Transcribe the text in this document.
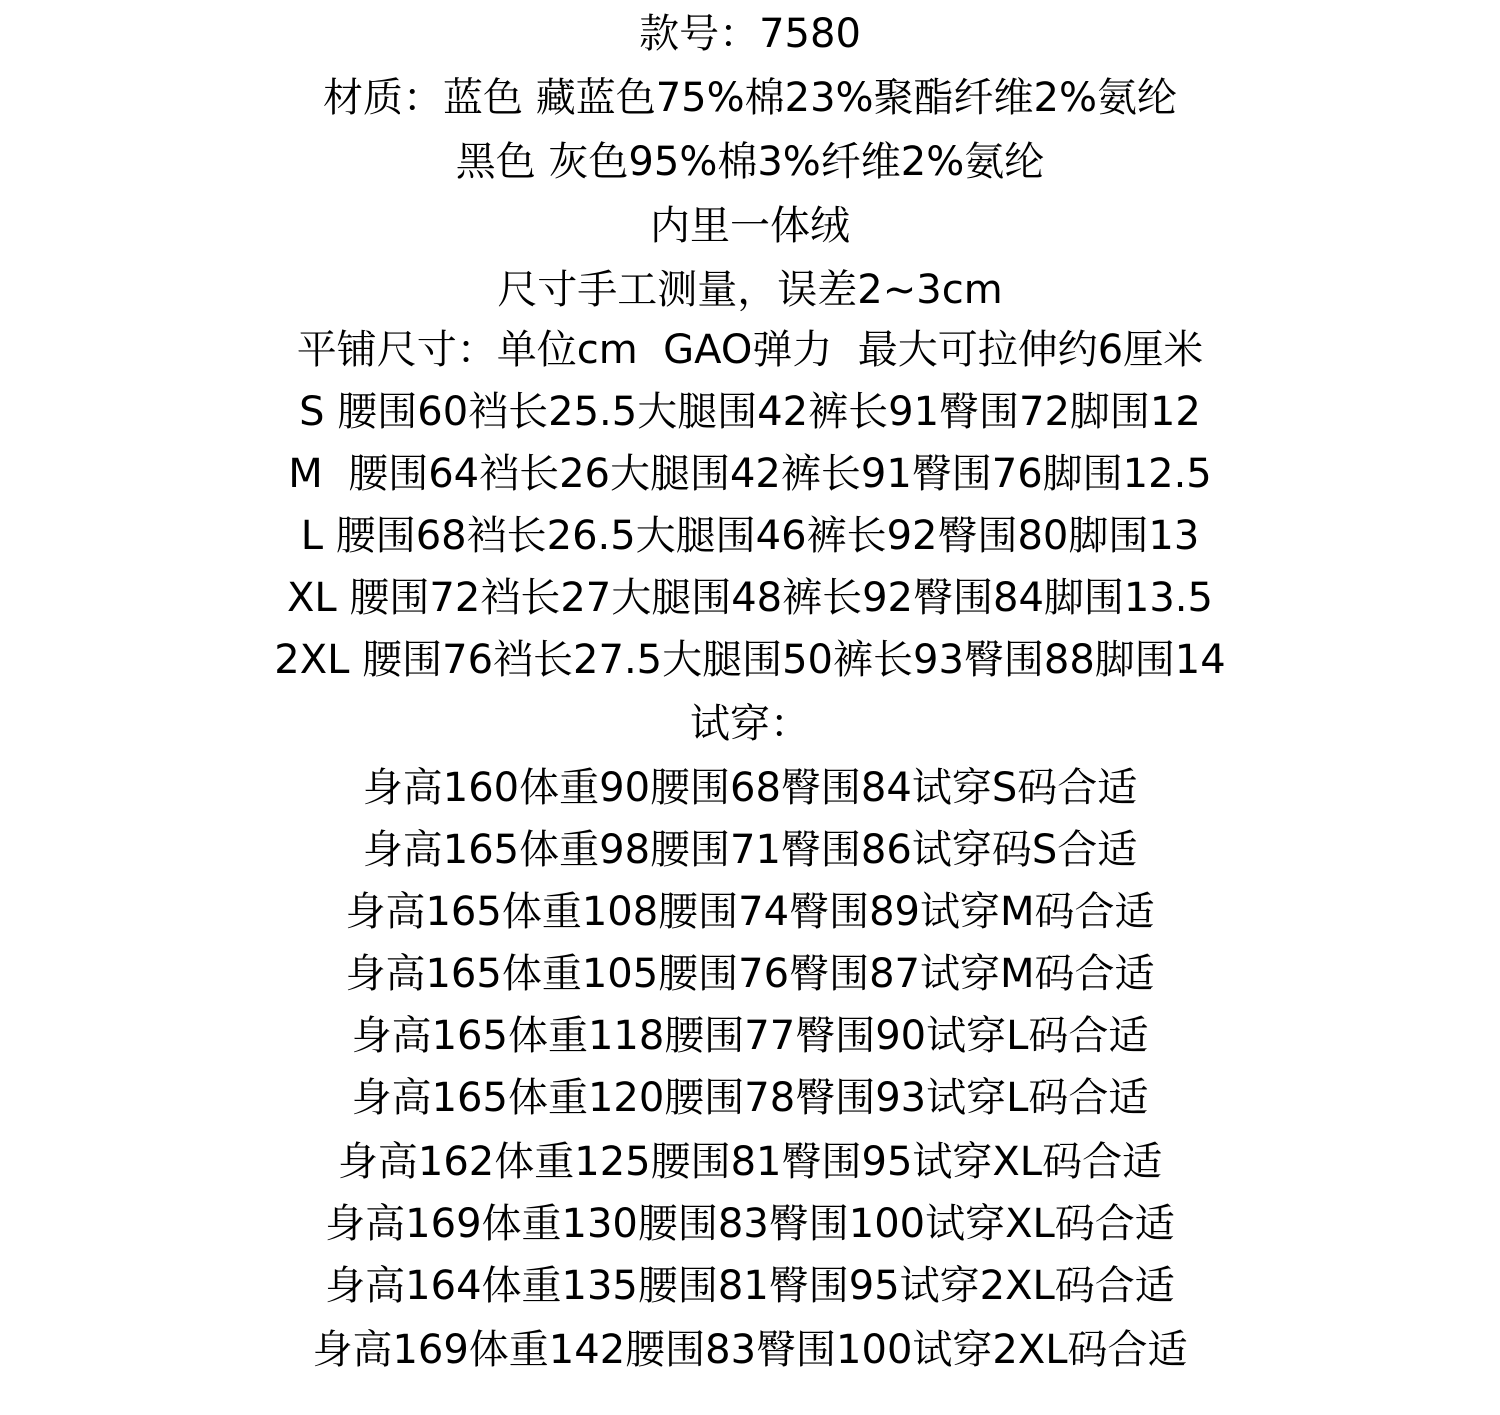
款号：7580
材质：蓝色 藏蓝色75%棉23%聚酯纤维2%氨纶
黑色 灰色95%棉3%纤维2%氨纶
内里一体绒
尺寸手工测量，误差2~3cm
平铺尺寸：单位cm  GAO弹力  最大可拉伸约6厘米
S 腰围60裆长25.5大腿围42裤长91臀围72脚围12
M  腰围64裆长26大腿围42裤长91臀围76脚围12.5
L 腰围68裆长26.5大腿围46裤长92臀围80脚围13
XL 腰围72裆长27大腿围48裤长92臀围84脚围13.5
2XL 腰围76裆长27.5大腿围50裤长93臀围88脚围14
试穿：
身高160体重90腰围68臀围84试穿S码合适
身高165体重98腰围71臀围86试穿码S合适
身高165体重108腰围74臀围89试穿M码合适
身高165体重105腰围76臀围87试穿M码合适
身高165体重118腰围77臀围90试穿L码合适
身高165体重120腰围78臀围93试穿L码合适
身高162体重125腰围81臀围95试穿XL码合适
身高169体重130腰围83臀围100试穿XL码合适
身高164体重135腰围81臀围95试穿2XL码合适
身高169体重142腰围83臀围100试穿2XL码合适
